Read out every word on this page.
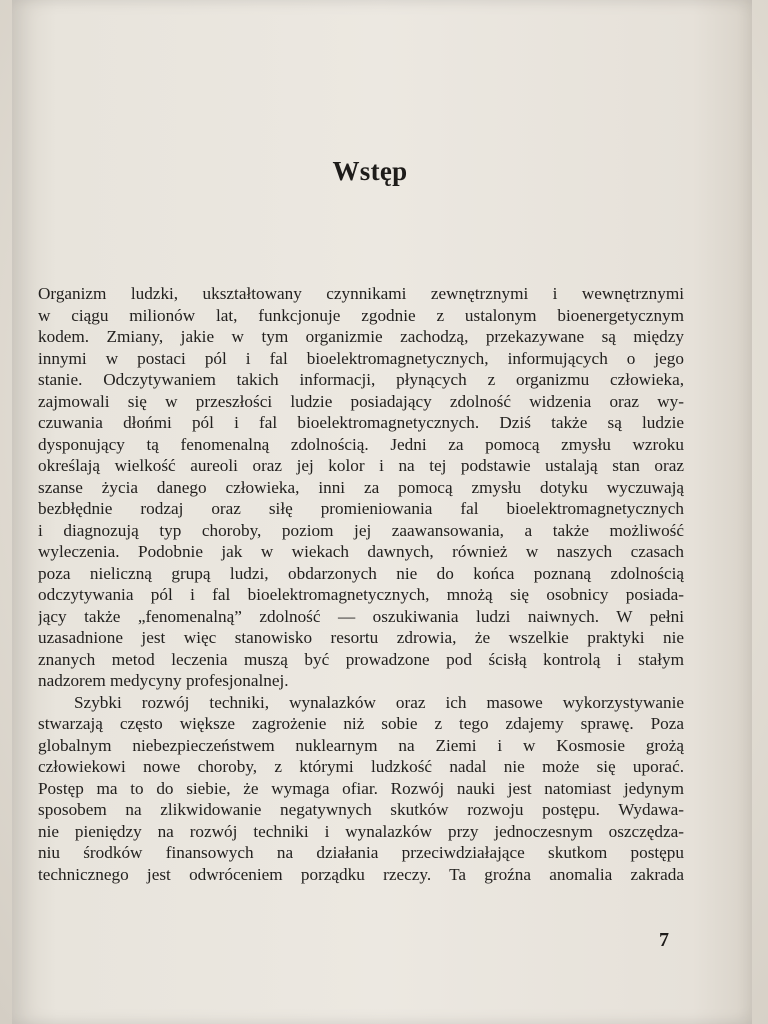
Wstęp
Organizm ludzki, ukształtowany czynnikami zewnętrznymi i wewnętrznymi
w ciągu milionów lat, funkcjonuje zgodnie z ustalonym bioenergetycznym
kodem. Zmiany, jakie w tym organizmie zachodzą, przekazywane są między
innymi w postaci pól i fal bioelektromagnetycznych, informujących o jego
stanie. Odczytywaniem takich informacji, płynących z organizmu człowieka,
zajmowali się w przeszłości ludzie posiadający zdolność widzenia oraz wy-
czuwania dłońmi pól i fal bioelektromagnetycznych. Dziś także są ludzie
dysponujący tą fenomenalną zdolnością. Jedni za pomocą zmysłu wzroku
określają wielkość aureoli oraz jej kolor i na tej podstawie ustalają stan oraz
szanse życia danego człowieka, inni za pomocą zmysłu dotyku wyczuwają
bezbłędnie rodzaj oraz siłę promieniowania fal bioelektromagnetycznych
i diagnozują typ choroby, poziom jej zaawansowania, a także możliwość
wyleczenia. Podobnie jak w wiekach dawnych, również w naszych czasach
poza nieliczną grupą ludzi, obdarzonych nie do końca poznaną zdolnością
odczytywania pól i fal bioelektromagnetycznych, mnożą się osobnicy posiada-
jący także „fenomenalną” zdolność — oszukiwania ludzi naiwnych. W pełni
uzasadnione jest więc stanowisko resortu zdrowia, że wszelkie praktyki nie
znanych metod leczenia muszą być prowadzone pod ścisłą kontrolą i stałym
nadzorem medycyny profesjonalnej.
Szybki rozwój techniki, wynalazków oraz ich masowe wykorzystywanie
stwarzają często większe zagrożenie niż sobie z tego zdajemy sprawę. Poza
globalnym niebezpieczeństwem nuklearnym na Ziemi i w Kosmosie grożą
człowiekowi nowe choroby, z którymi ludzkość nadal nie może się uporać.
Postęp ma to do siebie, że wymaga ofiar. Rozwój nauki jest natomiast jedynym
sposobem na zlikwidowanie negatywnych skutków rozwoju postępu. Wydawa-
nie pieniędzy na rozwój techniki i wynalazków przy jednoczesnym oszczędza-
niu środków finansowych na działania przeciwdziałające skutkom postępu
technicznego jest odwróceniem porządku rzeczy. Ta groźna anomalia zakrada
7
